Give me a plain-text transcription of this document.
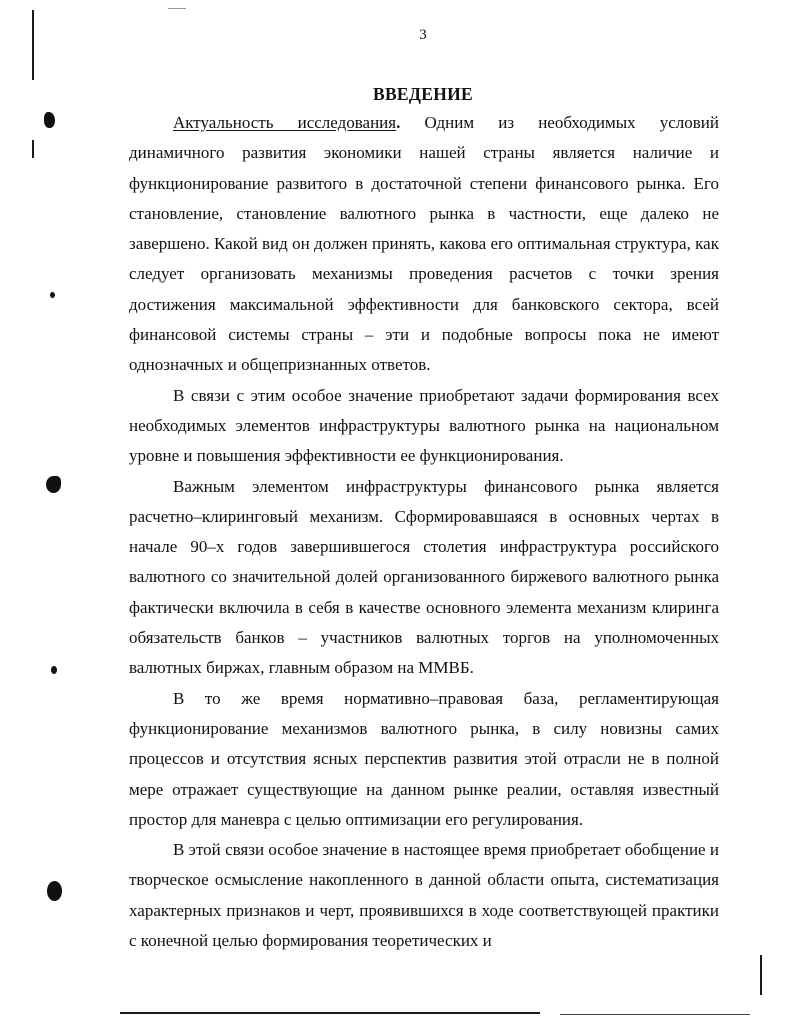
3
ВВЕДЕНИЕ

Актуальность исследования. Одним из необходимых условий динамичного развития экономики нашей страны является наличие и функционирование развитого в достаточной степени финансового рынка. Его становление, становление валютного рынка в частности, еще далеко не завершено. Какой вид он должен принять, какова его оптимальная структура, как следует организовать механизмы проведения расчетов с точки зрения достижения максимальной эффективности для банковского сектора, всей финансовой системы страны – эти и подобные вопросы пока не имеют однозначных и общепризнанных ответов.

В связи с этим особое значение приобретают задачи формирования всех необходимых элементов инфраструктуры валютного рынка на национальном уровне и повышения эффективности ее функционирования.

Важным элементом инфраструктуры финансового рынка является расчетно–клиринговый механизм. Сформировавшаяся в основных чертах в начале 90–х годов завершившегося столетия инфраструктура российского валютного со значительной долей организованного биржевого валютного рынка фактически включила в себя в качестве основного элемента механизм клиринга обязательств банков – участников валютных торгов на уполномоченных валютных биржах, главным образом на ММВБ.

В то же время нормативно–правовая база, регламентирующая функционирование механизмов валютного рынка, в силу новизны самих процессов и отсутствия ясных перспектив развития этой отрасли не в полной мере отражает существующие на данном рынке реалии, оставляя известный простор для маневра с целью оптимизации его регулирования.

В этой связи особое значение в настоящее время приобретает обобщение и творческое осмысление накопленного в данной области опыта, систематизация характерных признаков и черт, проявившихся в ходе соответствующей практики с конечной целью формирования теоретических и
